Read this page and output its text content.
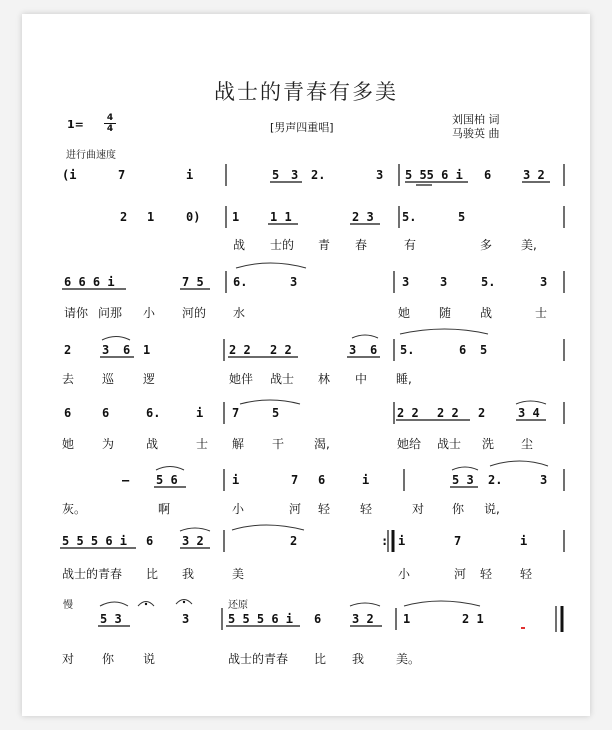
战士的青春有多美
1=	4
4	[男声四重唱]
刘国柏 词
马骏英 曲
进行曲速度
慢	还原
(i	7	i	5 3 2.	3 5 55 6 i 6	3 2
2 1	0)	1	1 1	2 3 5.	5
战 士的 青 春	有	多 美,
6 6 6 i	7 5 6.	3	3	3	5.	3
请你 问那 小 河的 水	她 随 战	士
2	3 6 1	2 2 2 2	3 6 5.	6 5
去 巡 逻	她伴 战士 林 中 睡,
6	6	6.	i 7	5	2 2 2 2 2	3 4
她 为	战	士 解 干 渴,	她给 战士 洗 尘
— 5 6	i	7 6	i	5 3 2.	3
灰。	啊	小	河 轻 轻	对 你 说,
5 5 5 6 i 6 3 2	2	: i	7	i
战士的青春 比 我	美	小	河 轻 轻
5 3	3	5 5 5 6 i 6	3 2 1	2 1
对 你 说	战士的青春 比 我	美。
